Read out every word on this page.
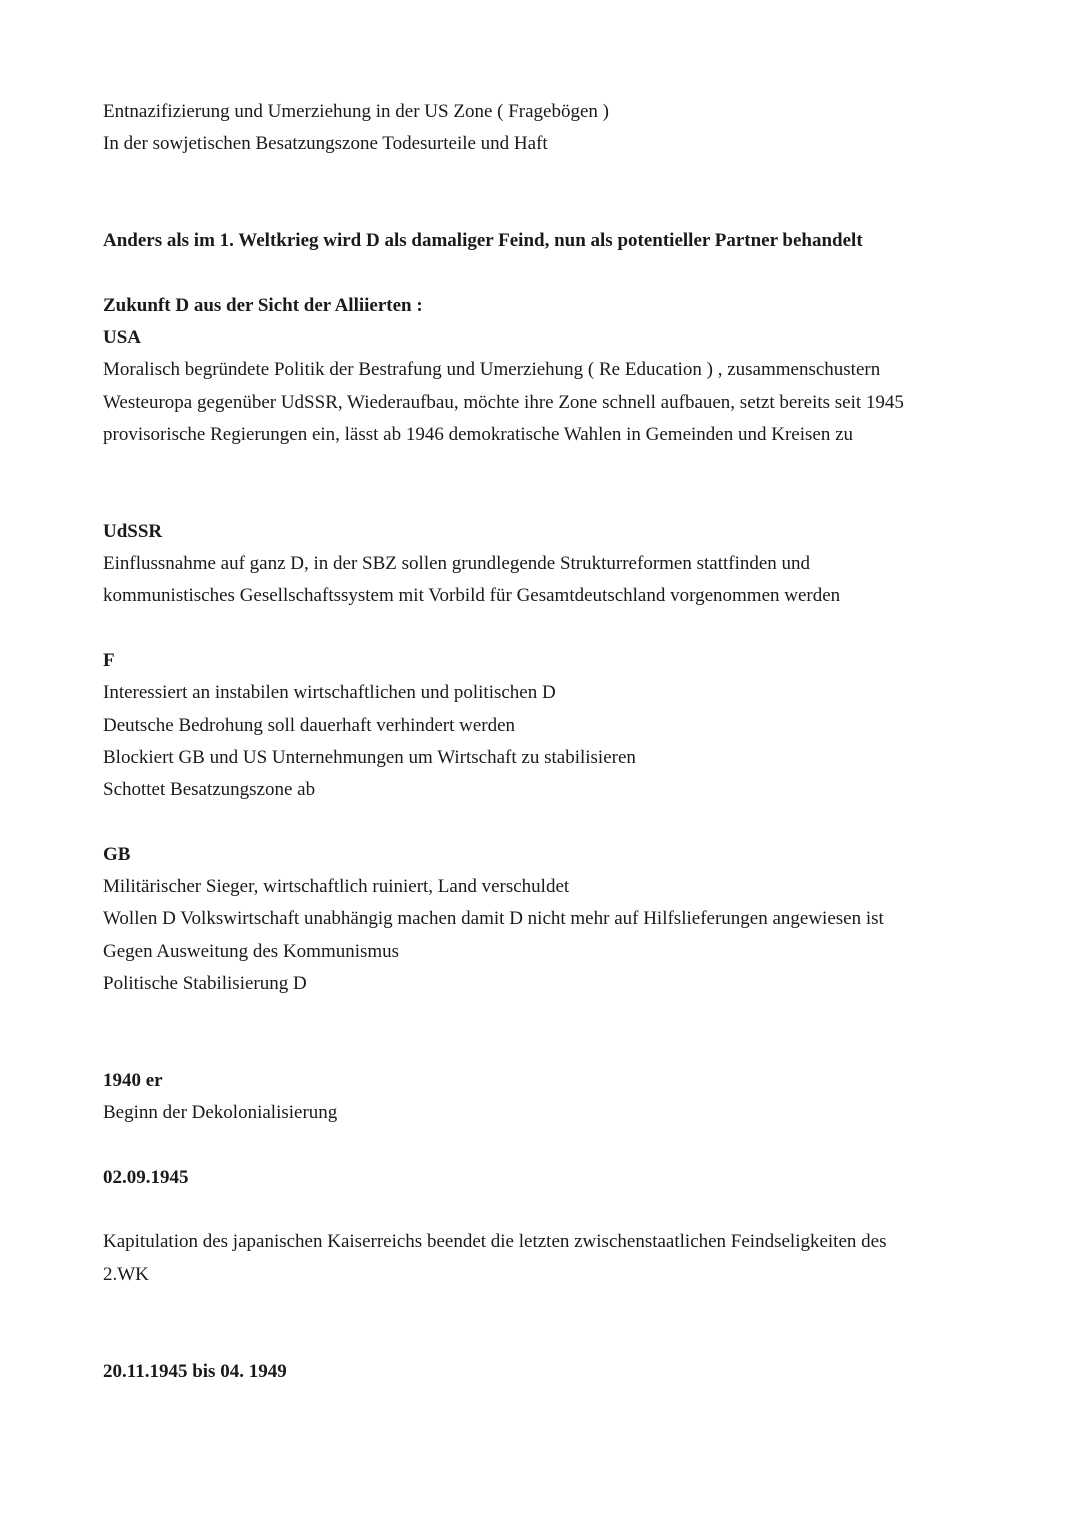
Entnazifizierung und Umerziehung in der US Zone ( Fragebögen )
In der sowjetischen Besatzungszone Todesurteile und Haft
Anders als im 1. Weltkrieg wird D als damaliger Feind, nun als potentieller Partner behandelt
Zukunft D aus der Sicht der Alliierten :
USA
Moralisch begründete Politik der Bestrafung und Umerziehung ( Re Education ) , zusammenschustern
Westeuropa gegenüber UdSSR, Wiederaufbau, möchte ihre Zone schnell aufbauen, setzt bereits seit 1945
provisorische Regierungen ein, lässt ab 1946 demokratische Wahlen in Gemeinden und Kreisen zu
UdSSR
Einflussnahme auf ganz D, in der SBZ sollen grundlegende Strukturreformen stattfinden und
kommunistisches Gesellschaftssystem mit Vorbild für Gesamtdeutschland vorgenommen werden
F
Interessiert an instabilen wirtschaftlichen und politischen D
Deutsche Bedrohung soll dauerhaft verhindert werden
Blockiert GB und US Unternehmungen um Wirtschaft zu stabilisieren
Schottet Besatzungszone ab
GB
Militärischer Sieger, wirtschaftlich ruiniert, Land verschuldet
Wollen D Volkswirtschaft unabhängig machen damit D nicht mehr auf Hilfslieferungen angewiesen ist
Gegen Ausweitung des Kommunismus
Politische Stabilisierung D
1940 er
Beginn der Dekolonialisierung
02.09.1945
Kapitulation des japanischen Kaiserreichs beendet die letzten zwischenstaatlichen Feindseligkeiten des
2.WK
20.11.1945 bis 04. 1949
